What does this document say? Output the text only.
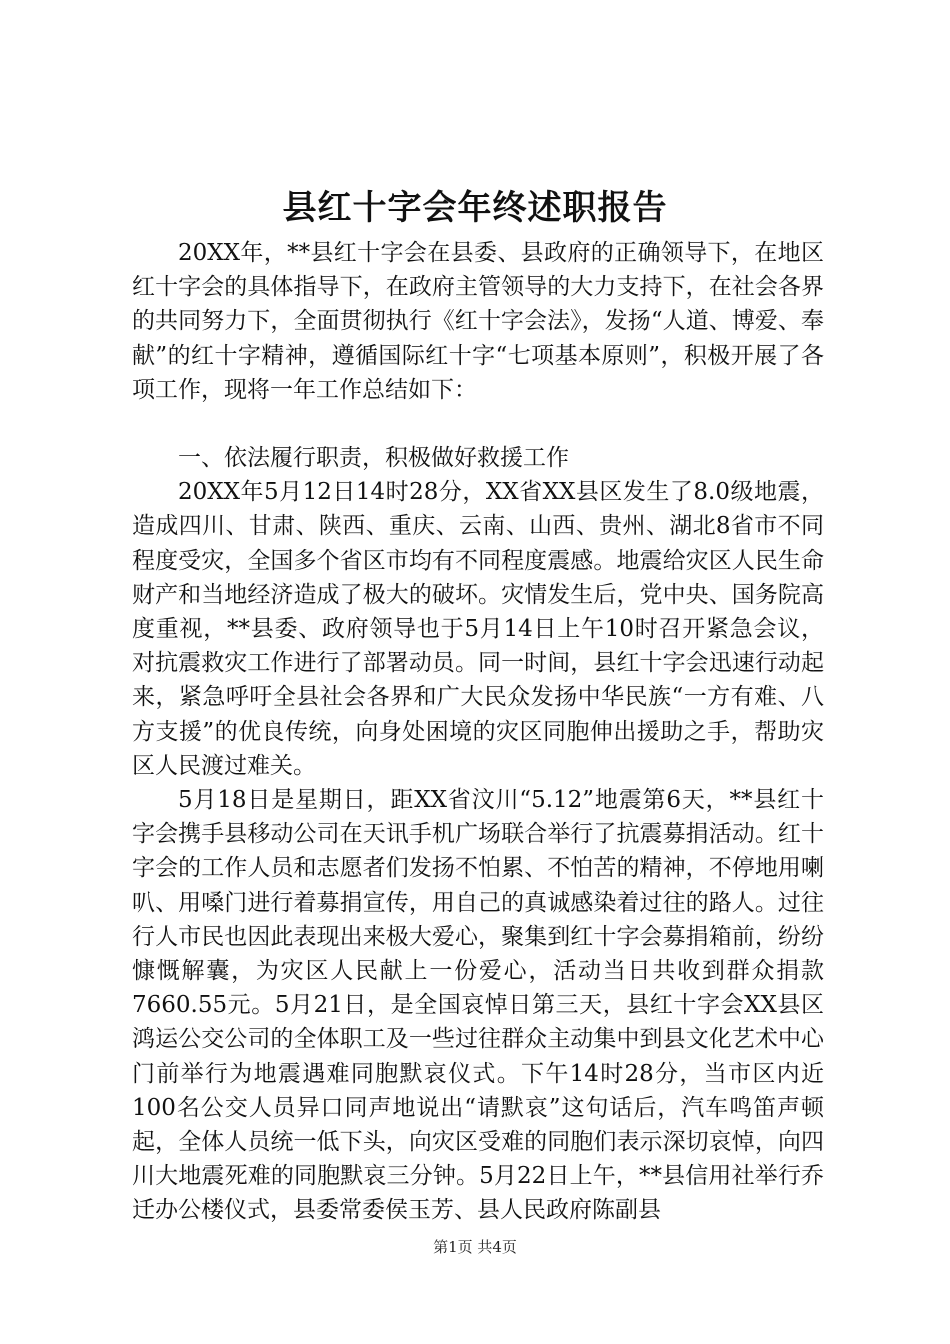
县红十字会年终述职报告

20XX年，**县红十字会在县委、县政府的正确领导下，在地区红十字会的具体指导下，在政府主管领导的大力支持下，在社会各界的共同努力下，全面贯彻执行《红十字会法》，发扬“人道、博爱、奉献”的红十字精神，遵循国际红十字“七项基本原则”，积极开展了各项工作，现将一年工作总结如下：

一、依法履行职责，积极做好救援工作

20XX年5月12日14时28分，XX省XX县区发生了8.0级地震，造成四川、甘肃、陕西、重庆、云南、山西、贵州、湖北8省市不同程度受灾，全国多个省区市均有不同程度震感。地震给灾区人民生命财产和当地经济造成了极大的破坏。灾情发生后，党中央、国务院高度重视，**县委、政府领导也于5月14日上午10时召开紧急会议，对抗震救灾工作进行了部署动员。同一时间，县红十字会迅速行动起来，紧急呼吁全县社会各界和广大民众发扬中华民族“一方有难、八方支援”的优良传统，向身处困境的灾区同胞伸出援助之手，帮助灾区人民渡过难关。

5月18日是星期日，距XX省汶川“5.12”地震第6天，**县红十字会携手县移动公司在天讯手机广场联合举行了抗震募捐活动。红十字会的工作人员和志愿者们发扬不怕累、不怕苦的精神，不停地用喇叭、用嗓门进行着募捐宣传，用自己的真诚感染着过往的路人。过往行人市民也因此表现出来极大爱心，聚集到红十字会募捐箱前，纷纷慷慨解囊，为灾区人民献上一份爱心，活动当日共收到群众捐款7660.55元。5月21日，是全国哀悼日第三天，县红十字会XX县区鸿运公交公司的全体职工及一些过往群众主动集中到县文化艺术中心门前举行为地震遇难同胞默哀仪式。下午14时28分，当市区内近100名公交人员异口同声地说出“请默哀”这句话后，汽车鸣笛声顿起，全体人员统一低下头，向灾区受难的同胞们表示深切哀悼，向四川大地震死难的同胞默哀三分钟。5月22日上午，**县信用社举行乔迁办公楼仪式，县委常委侯玉芳、县人民政府陈副县

第1页 共4页
